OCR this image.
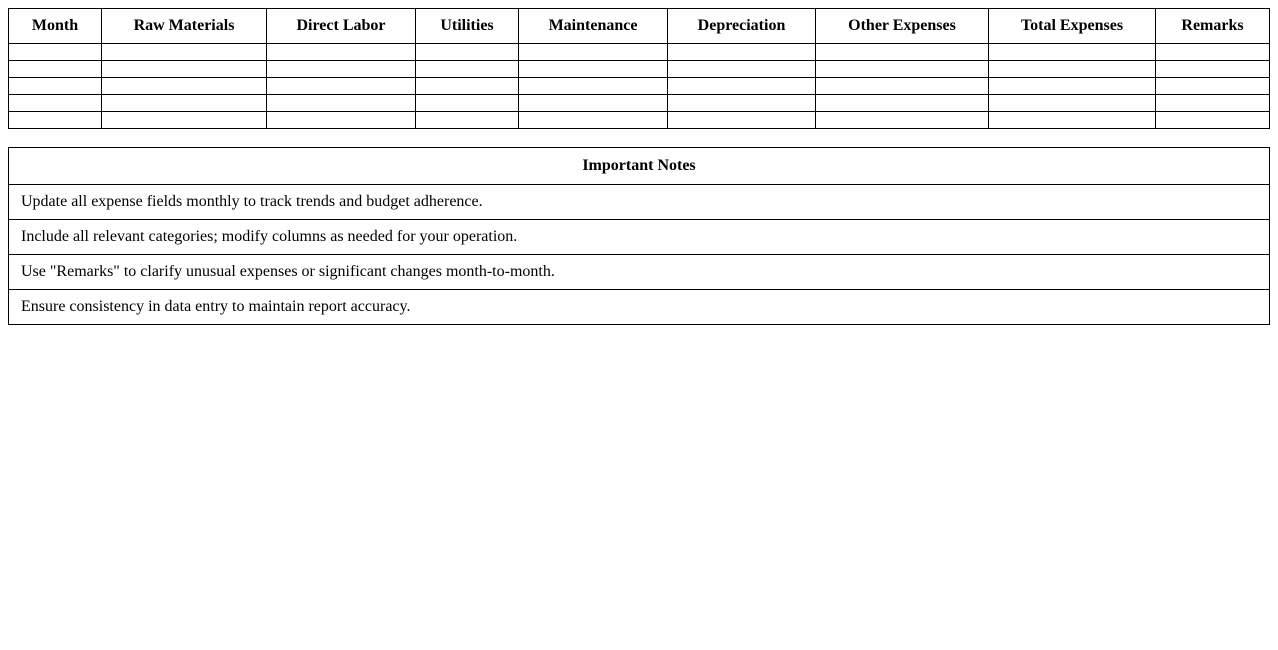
Month	Raw Materials	Direct Labor	Utilities	Maintenance	Depreciation	Other Expenses	Total Expenses	Remarks

Important Notes
Update all expense fields monthly to track trends and budget adherence.
Include all relevant categories; modify columns as needed for your operation.
Use "Remarks" to clarify unusual expenses or significant changes month-to-month.
Ensure consistency in data entry to maintain report accuracy.
